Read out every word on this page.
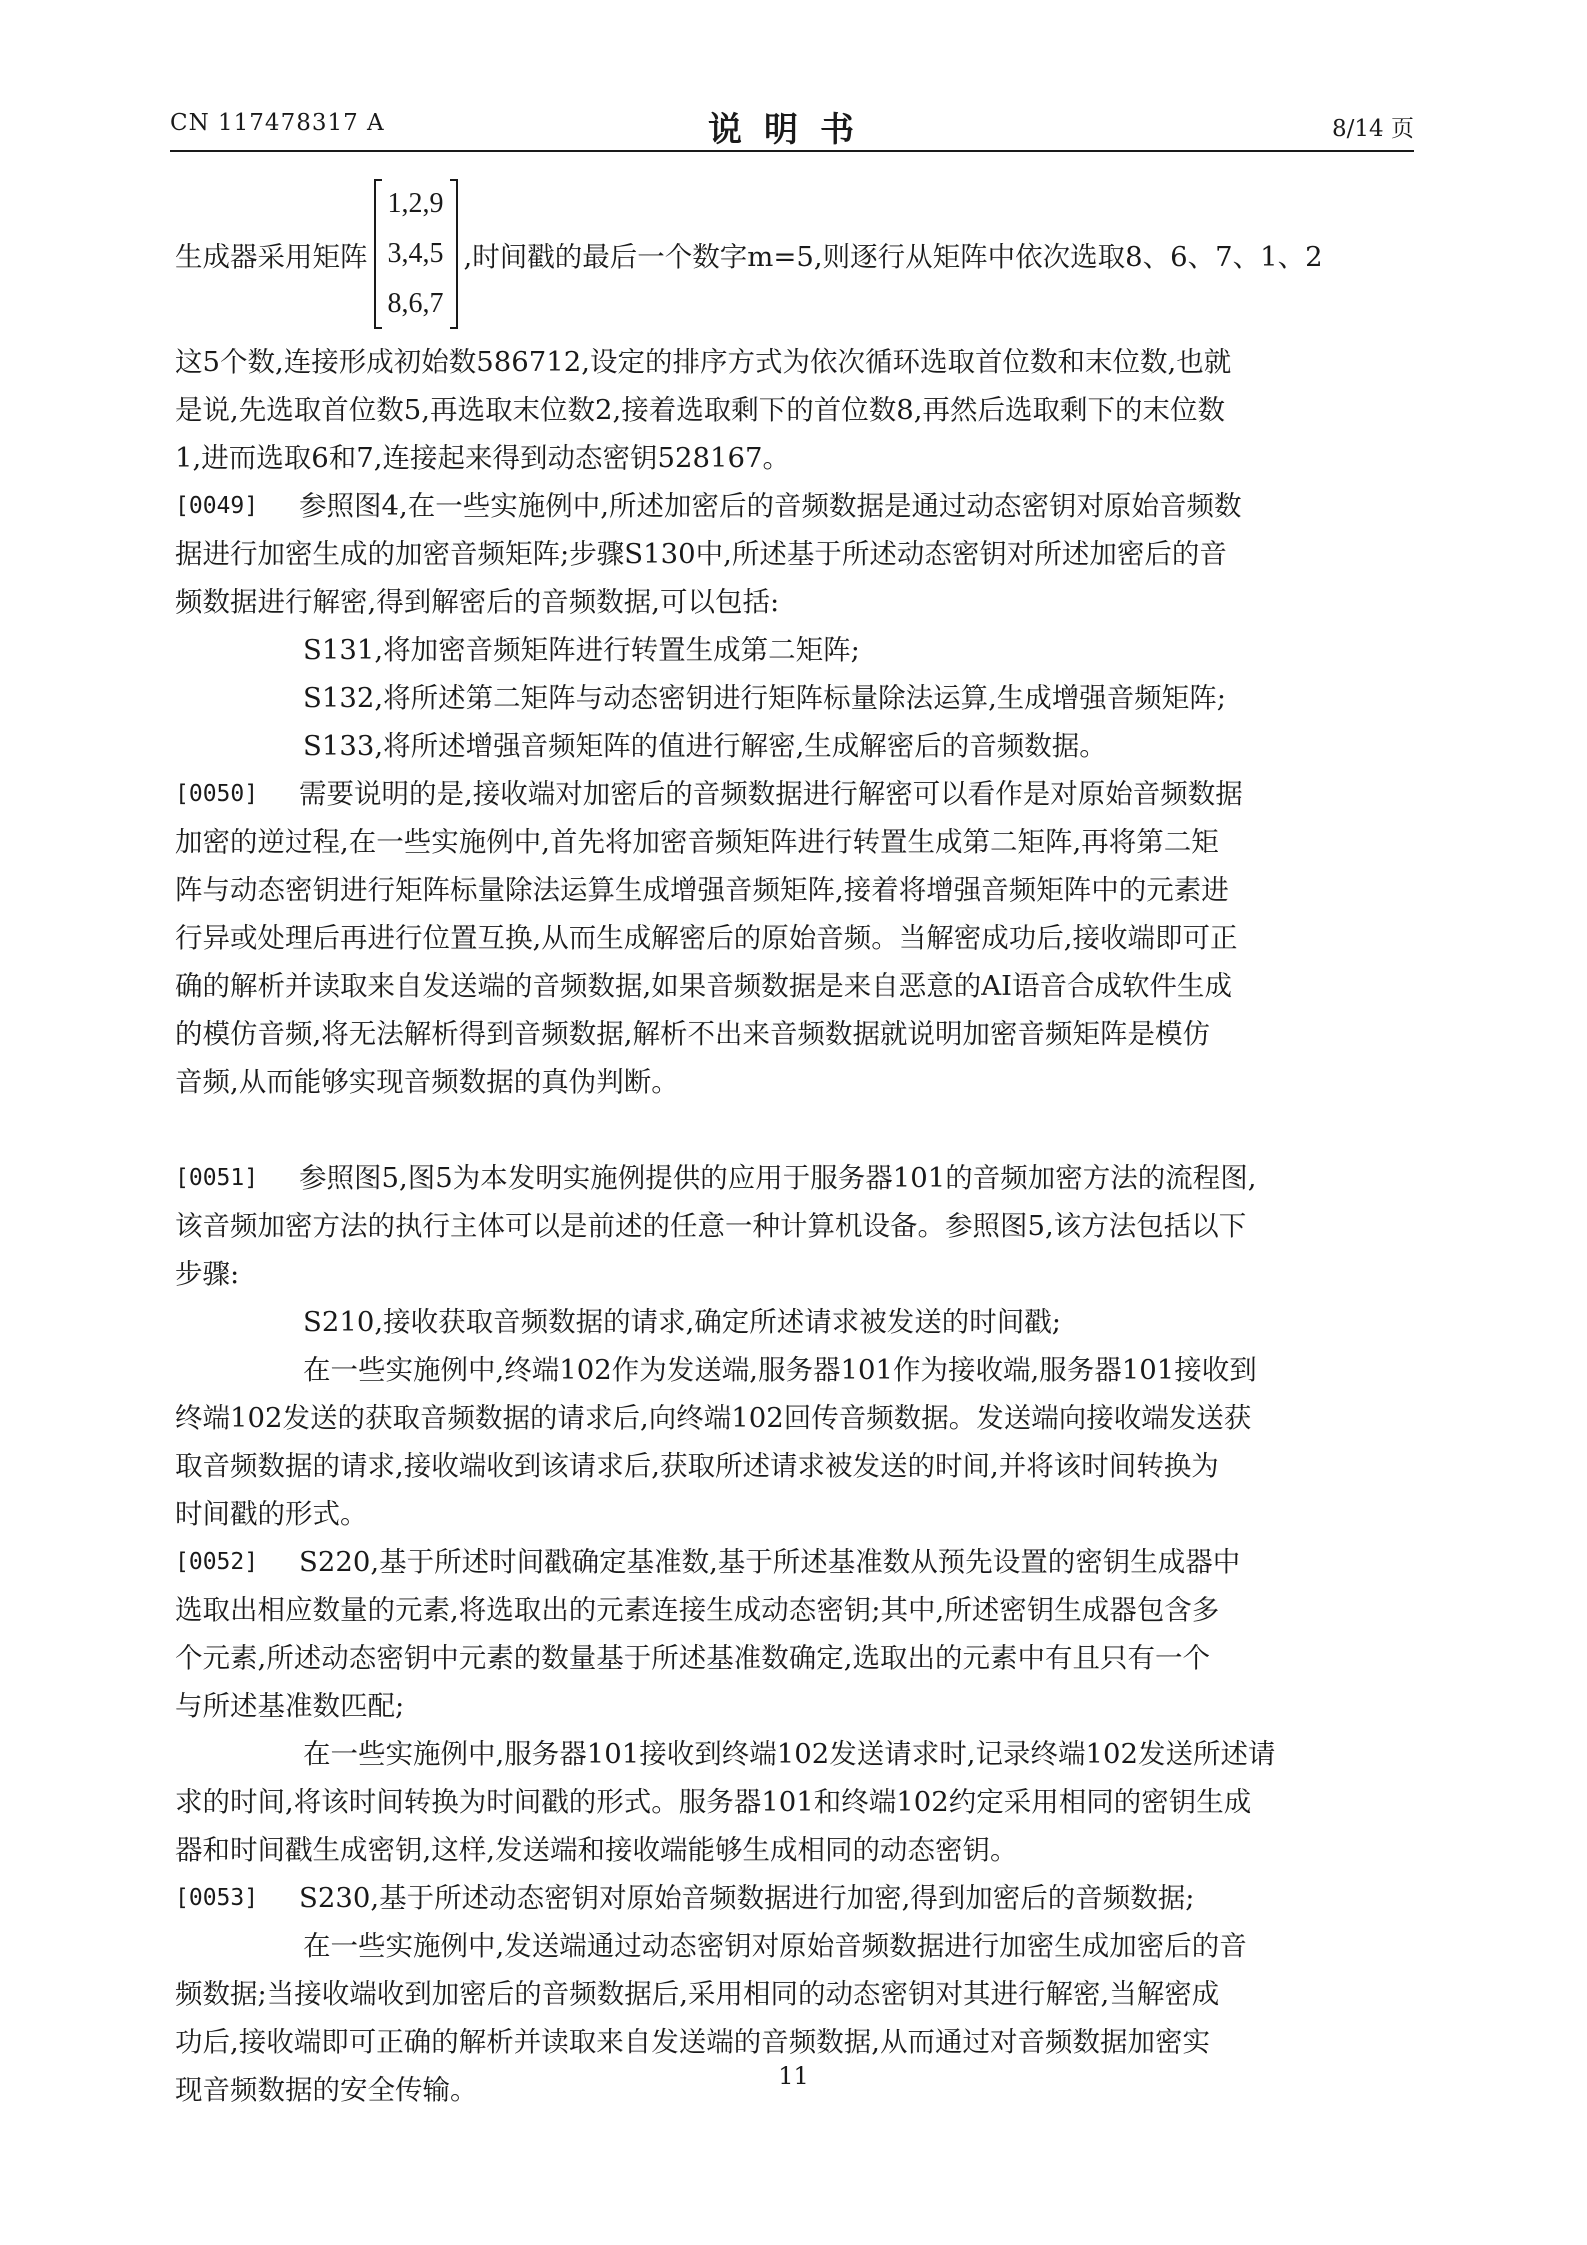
CN 117478317 A	说明书	8/14 页
生成器采用矩阵
1,2,9
3,4,5
8,6,7
,时间戳的最后一个数字m=5,则逐行从矩阵中依次选取8、6、7、1、2
这5个数,连接形成初始数586712,设定的排序方式为依次循环选取首位数和末位数,也就
是说,先选取首位数5,再选取末位数2,接着选取剩下的首位数8,再然后选取剩下的末位数
1,进而选取6和7,连接起来得到动态密钥528167。
[0049]	参照图4,在一些实施例中,所述加密后的音频数据是通过动态密钥对原始音频数
据进行加密生成的加密音频矩阵;步骤S130中,所述基于所述动态密钥对所述加密后的音
频数据进行解密,得到解密后的音频数据,可以包括:
S131,将加密音频矩阵进行转置生成第二矩阵;
S132,将所述第二矩阵与动态密钥进行矩阵标量除法运算,生成增强音频矩阵;
S133,将所述增强音频矩阵的值进行解密,生成解密后的音频数据。
[0050]	需要说明的是,接收端对加密后的音频数据进行解密可以看作是对原始音频数据
加密的逆过程,在一些实施例中,首先将加密音频矩阵进行转置生成第二矩阵,再将第二矩
阵与动态密钥进行矩阵标量除法运算生成增强音频矩阵,接着将增强音频矩阵中的元素进
行异或处理后再进行位置互换,从而生成解密后的原始音频。当解密成功后,接收端即可正
确的解析并读取来自发送端的音频数据,如果音频数据是来自恶意的AI语音合成软件生成
的模仿音频,将无法解析得到音频数据,解析不出来音频数据就说明加密音频矩阵是模仿
音频,从而能够实现音频数据的真伪判断。
[0051]	参照图5,图5为本发明实施例提供的应用于服务器101的音频加密方法的流程图,
该音频加密方法的执行主体可以是前述的任意一种计算机设备。参照图5,该方法包括以下
步骤:
S210,接收获取音频数据的请求,确定所述请求被发送的时间戳;
在一些实施例中,终端102作为发送端,服务器101作为接收端,服务器101接收到
终端102发送的获取音频数据的请求后,向终端102回传音频数据。发送端向接收端发送获
取音频数据的请求,接收端收到该请求后,获取所述请求被发送的时间,并将该时间转换为
时间戳的形式。
[0052]	S220,基于所述时间戳确定基准数,基于所述基准数从预先设置的密钥生成器中
选取出相应数量的元素,将选取出的元素连接生成动态密钥;其中,所述密钥生成器包含多
个元素,所述动态密钥中元素的数量基于所述基准数确定,选取出的元素中有且只有一个
与所述基准数匹配;
在一些实施例中,服务器101接收到终端102发送请求时,记录终端102发送所述请
求的时间,将该时间转换为时间戳的形式。服务器101和终端102约定采用相同的密钥生成
器和时间戳生成密钥,这样,发送端和接收端能够生成相同的动态密钥。
[0053]	S230,基于所述动态密钥对原始音频数据进行加密,得到加密后的音频数据;
在一些实施例中,发送端通过动态密钥对原始音频数据进行加密生成加密后的音
频数据;当接收端收到加密后的音频数据后,采用相同的动态密钥对其进行解密,当解密成
功后,接收端即可正确的解析并读取来自发送端的音频数据,从而通过对音频数据加密实
现音频数据的安全传输。	11
